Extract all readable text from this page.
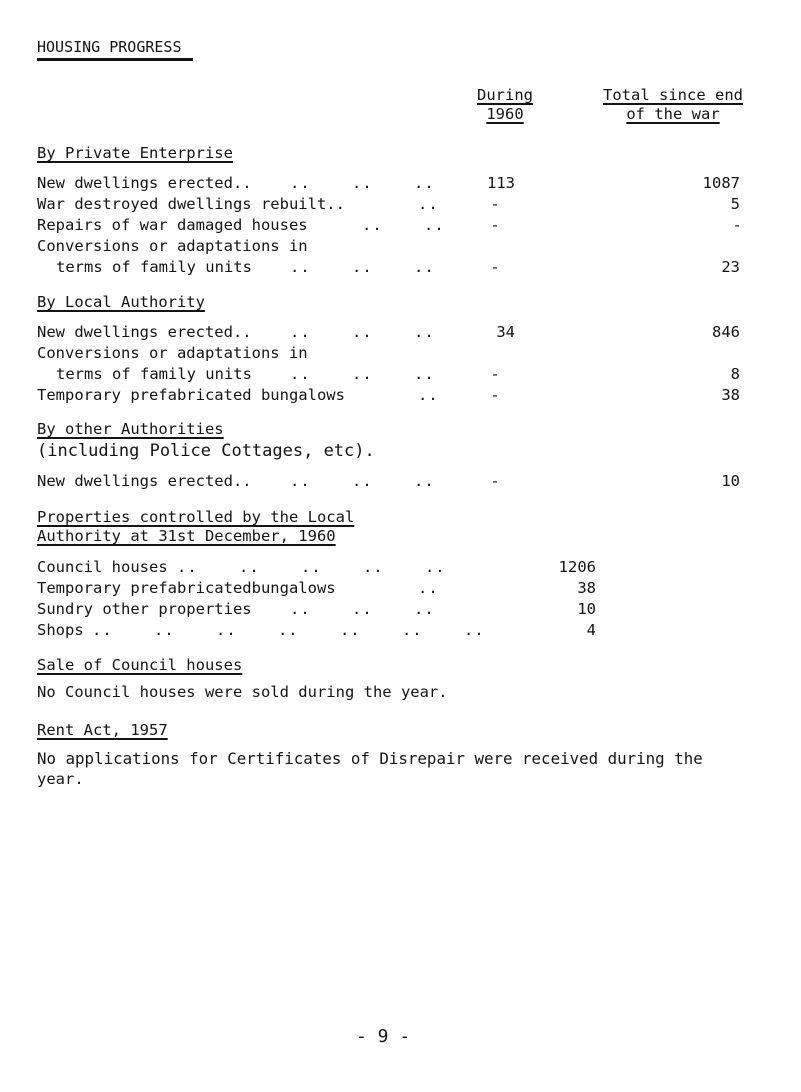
HOUSING PROGRESS
During
1960
Total since end
of the war
By Private Enterprise
New dwellings erected.. ..    ..    ..	113	1087
War destroyed dwellings rebuilt..	..	-	5
Repairs of war damaged houses	..    ..	-	-
Conversions or adaptations in
terms of family units ..    ..    ..	-	23
By Local Authority
New dwellings erected.. ..    ..    ..	34	846
Conversions or adaptations in
terms of family units ..    ..    ..	-	8
Temporary prefabricated bungalows	..	-	38
By other Authorities
(including Police Cottages, etc).
New dwellings erected.. ..    ..    ..	-	10
Properties controlled by the Local
Authority at 31st December, 1960
Council houses ..    ..    ..    ..    ..	1206
Temporary prefabricatedbungalows	..	38
Sundry other properties ..    ..    ..	10
Shops ..    ..    ..    ..    ..    ..    ..	4
Sale of Council houses
No Council houses were sold during the year.
Rent Act, 1957
No applications for Certificates of Disrepair were received during the
year.
- 9 -
